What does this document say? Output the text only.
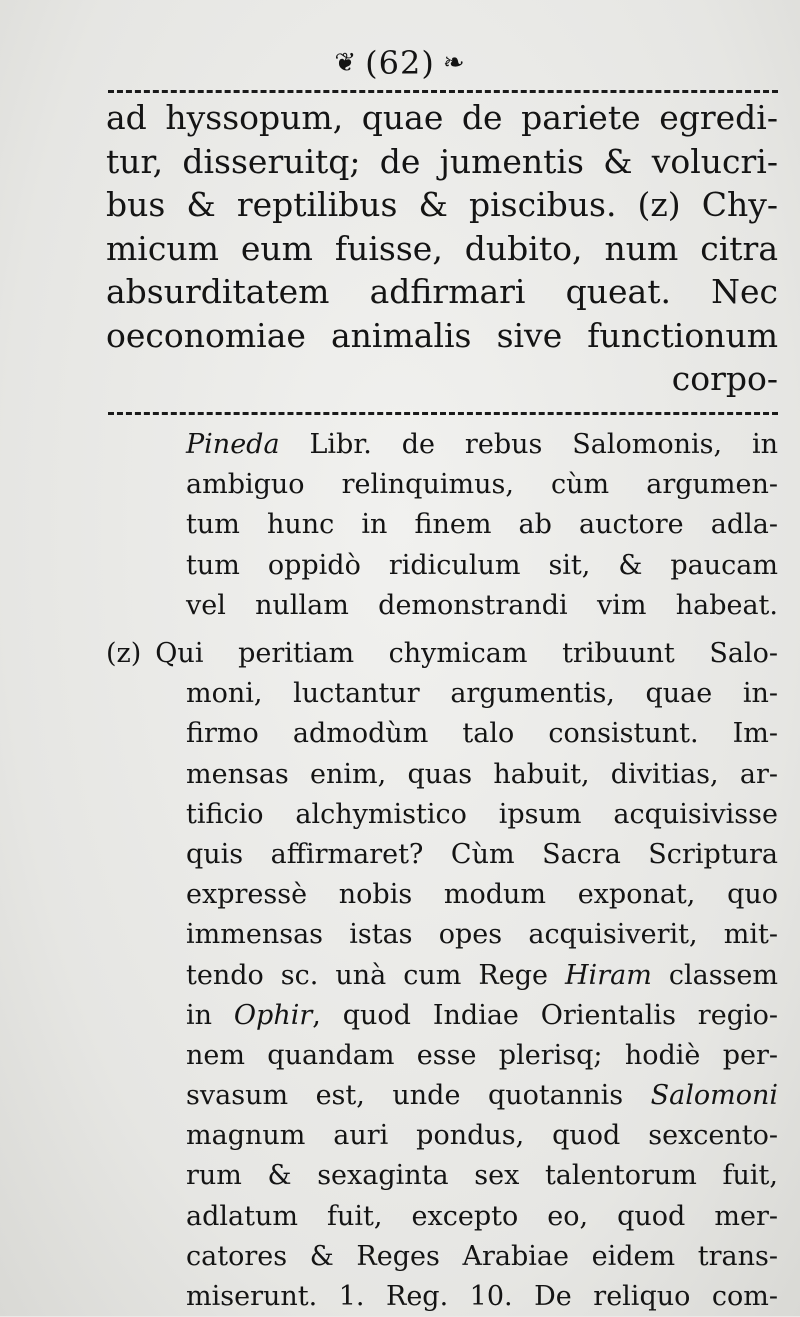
❦ (62) ❧
ad hyssopum, quae de pariete egredi-
tur, disseruitq; de jumentis & volucri-
bus & reptilibus & piscibus. (z) Chy-
micum eum fuisse, dubito, num citra
absurditatem adfirmari queat. Nec
oeconomiae animalis sive functionum
corpo-
Pineda Libr. de rebus Salomonis, in
ambiguo relinquimus, cùm argumen-
tum hunc in finem ab auctore adla-
tum oppidò ridiculum sit, & paucam
vel nullam demonstrandi vim habeat.
(z) Qui peritiam chymicam tribuunt Salo-
moni, luctantur argumentis, quae in-
firmo admodùm talo consistunt. Im-
mensas enim, quas habuit, divitias, ar-
tificio alchymistico ipsum acquisivisse
quis affirmaret? Cùm Sacra Scriptura
expressè nobis modum exponat, quo
immensas istas opes acquisiverit, mit-
tendo sc. unà cum Rege Hiram classem
in Ophir, quod Indiae Orientalis regio-
nem quandam esse plerisq; hodiè per-
svasum est, unde quotannis Salomoni
magnum auri pondus, quod sexcento-
rum & sexaginta sex talentorum fuit,
adlatum fuit, excepto eo, quod mer-
catores & Reges Arabiae eidem trans-
miserunt. 1. Reg. 10. De reliquo com-
